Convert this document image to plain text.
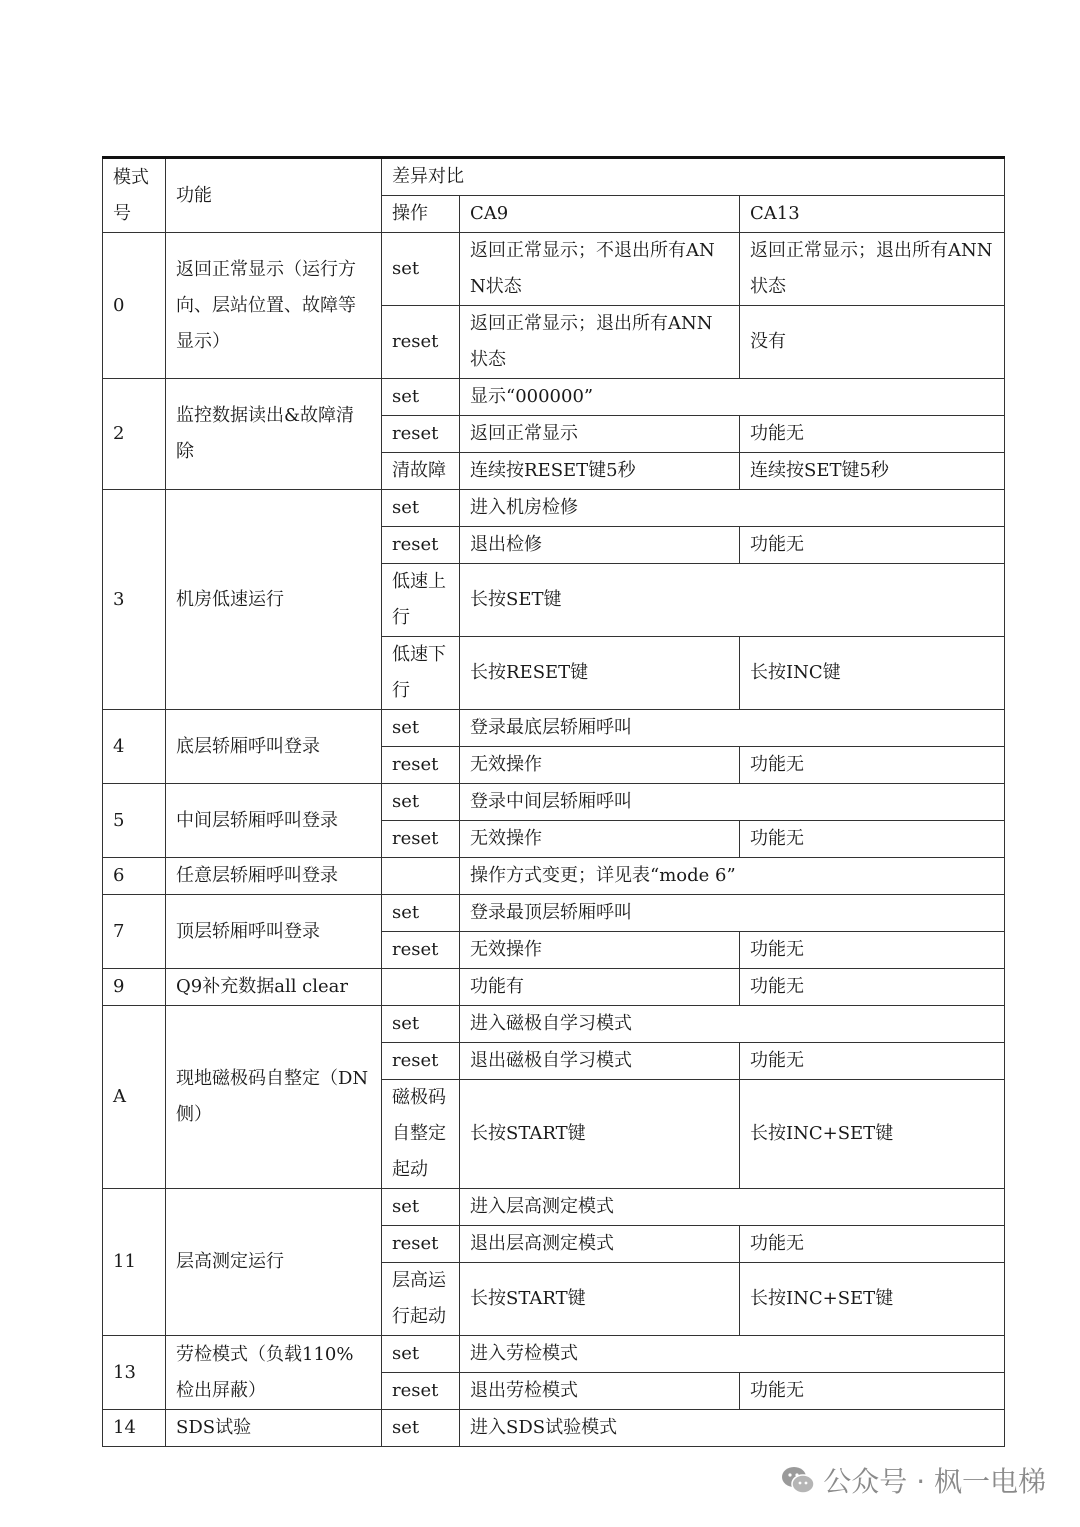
模式号	功能	差异对比		
		操作	CA9	CA13
0	返回正常显示（运行方向、层站位置、故障等显示）	set	返回正常显示；不退出所有ANN状态	返回正常显示；退出所有ANN状态
		reset	返回正常显示；退出所有ANN状态	没有
2	监控数据读出&故障清除	set	显示“000000”	
		reset	返回正常显示	功能无
		清故障	连续按RESET键5秒	连续按SET键5秒
3	机房低速运行	set	进入机房检修	
		reset	退出检修	功能无
		低速上行	长按SET键	
		低速下行	长按RESET键	长按INC键
4	底层轿厢呼叫登录	set	登录最底层轿厢呼叫	
		reset	无效操作	功能无
5	中间层轿厢呼叫登录	set	登录中间层轿厢呼叫	
		reset	无效操作	功能无
6	任意层轿厢呼叫登录		操作方式变更；详见表“mode 6”	
7	顶层轿厢呼叫登录	set	登录最顶层轿厢呼叫	
		reset	无效操作	功能无
9	Q9补充数据all clear		功能有	功能无
A	现地磁极码自整定（DN侧）	set	进入磁极自学习模式	
		reset	退出磁极自学习模式	功能无
		磁极码自整定起动	长按START键	长按INC+SET键
11	层高测定运行	set	进入层高测定模式	
		reset	退出层高测定模式	功能无
		层高运行起动	长按START键	长按INC+SET键
13	劳检模式（负载110%检出屏蔽）	set	进入劳检模式	
		reset	退出劳检模式	功能无
14	SDS试验	set	进入SDS试验模式	
公众号 · 枫一电梯
